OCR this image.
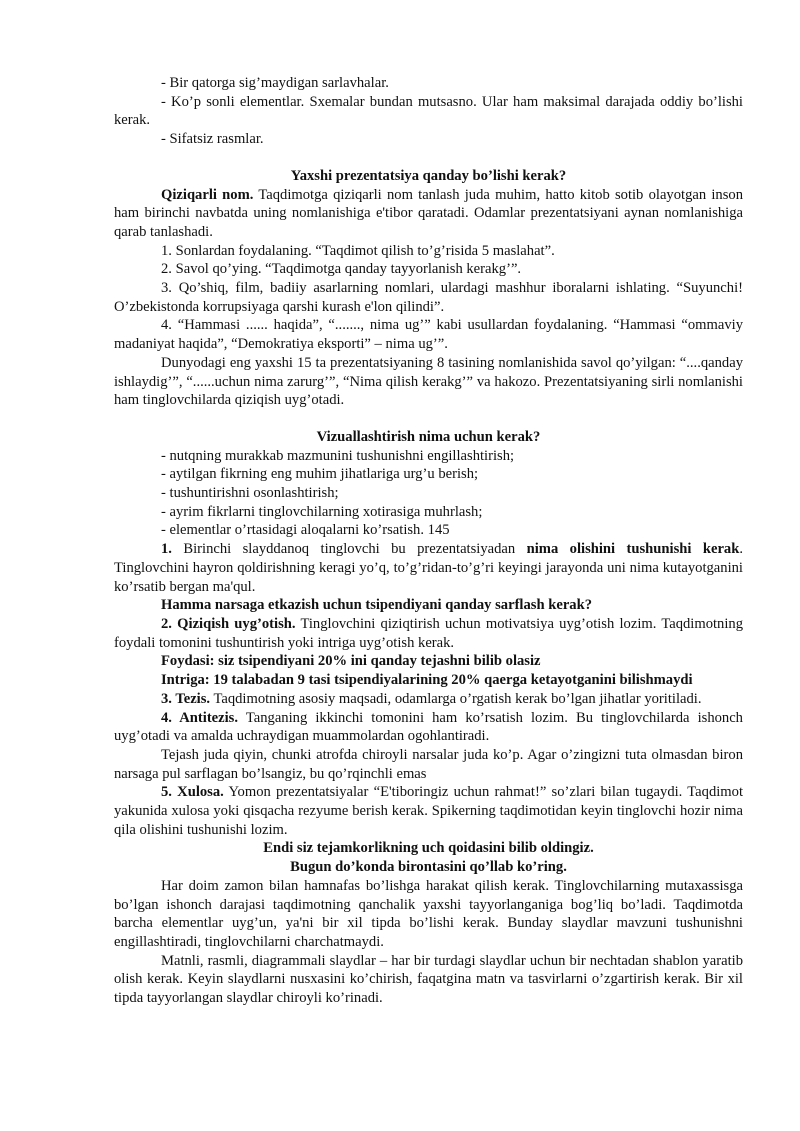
- Bir qatorga sig’maydigan sarlavhalar.

- Ko’p sonli elementlar. Sxemalar bundan mutsasno. Ular ham maksimal darajada oddiy bo’lishi kerak.

- Sifatsiz rasmlar.

Yaxshi prezentatsiya qanday bo’lishi kerak?

Qiziqarli nom. Taqdimotga qiziqarli nom tanlash juda muhim, hatto kitob sotib olayotgan inson ham birinchi navbatda uning nomlanishiga e'tibor qaratadi. Odamlar prezentatsiyani aynan nomlanishiga qarab tanlashadi.

1. Sonlardan foydalaning. “Taqdimot qilish to’g’risida 5 maslahat”.

2. Savol qo’ying. “Taqdimotga qanday tayyorlanish kerakg’”.

3. Qo’shiq, film, badiiy asarlarning nomlari, ulardagi mashhur iboralarni ishlating. “Suyunchi! O’zbekistonda korrupsiyaga qarshi kurash e'lon qilindi”.

4. “Hammasi ...... haqida”, “......., nima ug’” kabi usullardan foydalaning. “Hammasi “ommaviy madaniyat haqida”, “Demokratiya eksporti” – nima ug’”.

Dunyodagi eng yaxshi 15 ta prezentatsiyaning 8 tasining nomlanishida savol qo’yilgan: “....qanday ishlaydig’”, “......uchun nima zarurg’”, “Nima qilish kerakg’” va hakozo. Prezentatsiyaning sirli nomlanishi ham tinglovchilarda qiziqish uyg’otadi.

Vizuallashtirish nima uchun kerak?

- nutqning murakkab mazmunini tushunishni engillashtirish;

- aytilgan fikrning eng muhim jihatlariga urg’u berish;

- tushuntirishni osonlashtirish;

- ayrim fikrlarni tinglovchilarning xotirasiga muhrlash;

- elementlar o’rtasidagi aloqalarni ko’rsatish. 145

1. Birinchi slayddanoq tinglovchi bu prezentatsiyadan nima olishini tushunishi kerak. Tinglovchini hayron qoldirishning keragi yo’q, to’g’ridan-to’g’ri keyingi jarayonda uni nima kutayotganini ko’rsatib bergan ma'qul.

Hamma narsaga etkazish uchun tsipendiyani qanday sarflash kerak?

2. Qiziqish uyg’otish. Tinglovchini qiziqtirish uchun motivatsiya uyg’otish lozim. Taqdimotning foydali tomonini tushuntirish yoki intriga uyg’otish kerak.

Foydasi: siz tsipendiyani 20% ini qanday tejashni bilib olasiz

Intriga: 19 talabadan 9 tasi tsipendiyalarining 20% qaerga ketayotganini bilishmaydi

3. Tezis. Taqdimotning asosiy maqsadi, odamlarga o’rgatish kerak bo’lgan jihatlar yoritiladi.

4. Antitezis. Tanganing ikkinchi tomonini ham ko’rsatish lozim. Bu tinglovchilarda ishonch uyg’otadi va amalda uchraydigan muammolardan ogohlantiradi.

Tejash juda qiyin, chunki atrofda chiroyli narsalar juda ko’p. Agar o’zingizni tuta olmasdan biron narsaga pul sarflagan bo’lsangiz, bu qo’rqinchli emas

5. Xulosa. Yomon prezentatsiyalar “E'tiboringiz uchun rahmat!” so’zlari bilan tugaydi. Taqdimot yakunida xulosa yoki qisqacha rezyume berish kerak. Spikerning taqdimotidan keyin tinglovchi hozir nima qila olishini tushunishi lozim.

Endi siz tejamkorlikning uch qoidasini bilib oldingiz.

Bugun do’konda birontasini qo’llab ko’ring.

Har doim zamon bilan hamnafas bo’lishga harakat qilish kerak. Tinglovchilarning mutaxassisga bo’lgan ishonch darajasi taqdimotning qanchalik yaxshi tayyorlanganiga bog’liq bo’ladi. Taqdimotda barcha elementlar uyg’un, ya'ni bir xil tipda bo’lishi kerak. Bunday slaydlar mavzuni tushunishni engillashtiradi, tinglovchilarni charchatmaydi.

Matnli, rasmli, diagrammali slaydlar – har bir turdagi slaydlar uchun bir nechtadan shablon yaratib olish kerak. Keyin slaydlarni nusxasini ko’chirish, faqatgina matn va tasvirlarni o’zgartirish kerak. Bir xil tipda tayyorlangan slaydlar chiroyli ko’rinadi.
